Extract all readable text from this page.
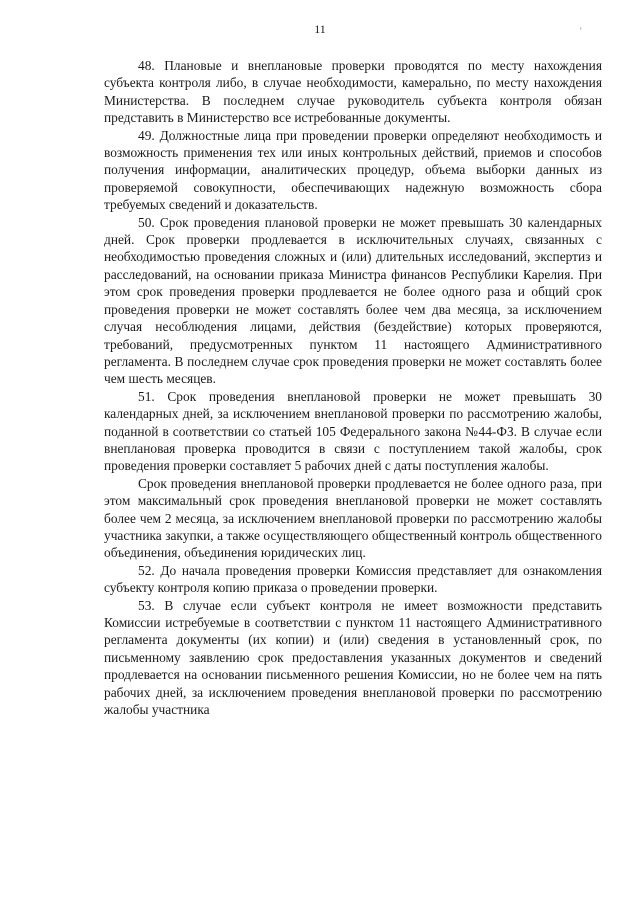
11	'

48. Плановые и внеплановые проверки проводятся по месту нахождения субъекта контроля либо, в случае необходимости, камерально, по месту нахождения Министерства. В последнем случае руководитель субъекта контроля обязан представить в Министерство все истребованные документы.

49. Должностные лица при проведении проверки определяют необходимость и возможность применения тех или иных контрольных действий, приемов и способов получения информации, аналитических процедур, объема выборки данных из проверяемой совокупности, обеспечивающих надежную возможность сбора требуемых сведений и доказательств.

50. Срок проведения плановой проверки не может превышать 30 календарных дней. Срок проверки продлевается в исключительных случаях, связанных с необходимостью проведения сложных и (или) длительных исследований, экспертиз и расследований, на основании приказа Министра финансов Республики Карелия. При этом срок проведения проверки продлевается не более одного раза и общий срок проведения проверки не может составлять более чем два месяца, за исключением случая несоблюдения лицами, действия (бездействие) которых проверяются, требований, предусмотренных пунктом 11 настоящего Административного регламента. В последнем случае срок проведения проверки не может составлять более чем шесть месяцев.

51. Срок проведения внеплановой проверки не может превышать 30 календарных дней, за исключением внеплановой проверки по рассмотрению жалобы, поданной в соответствии со статьей 105 Федерального закона №44-ФЗ. В случае если внеплановая проверка проводится в связи с поступлением такой жалобы, срок проведения проверки составляет 5 рабочих дней с даты поступления жалобы.

Срок проведения внеплановой проверки продлевается не более одного раза, при этом максимальный срок проведения внеплановой проверки не может составлять более чем 2 месяца, за исключением внеплановой проверки по рассмотрению жалобы участника закупки, а также осуществляющего общественный контроль общественного объединения, объединения юридических лиц.

52. До начала проведения проверки Комиссия представляет для ознакомления субъекту контроля копию приказа о проведении проверки.

53. В случае если субъект контроля не имеет возможности представить Комиссии истребуемые в соответствии с пунктом 11 настоящего Административного регламента документы (их копии) и (или) сведения в установленный срок, по письменному заявлению срок предоставления указанных документов и сведений продлевается на основании письменного решения Комиссии, но не более чем на пять рабочих дней, за исключением проведения внеплановой проверки по рассмотрению жалобы участника
